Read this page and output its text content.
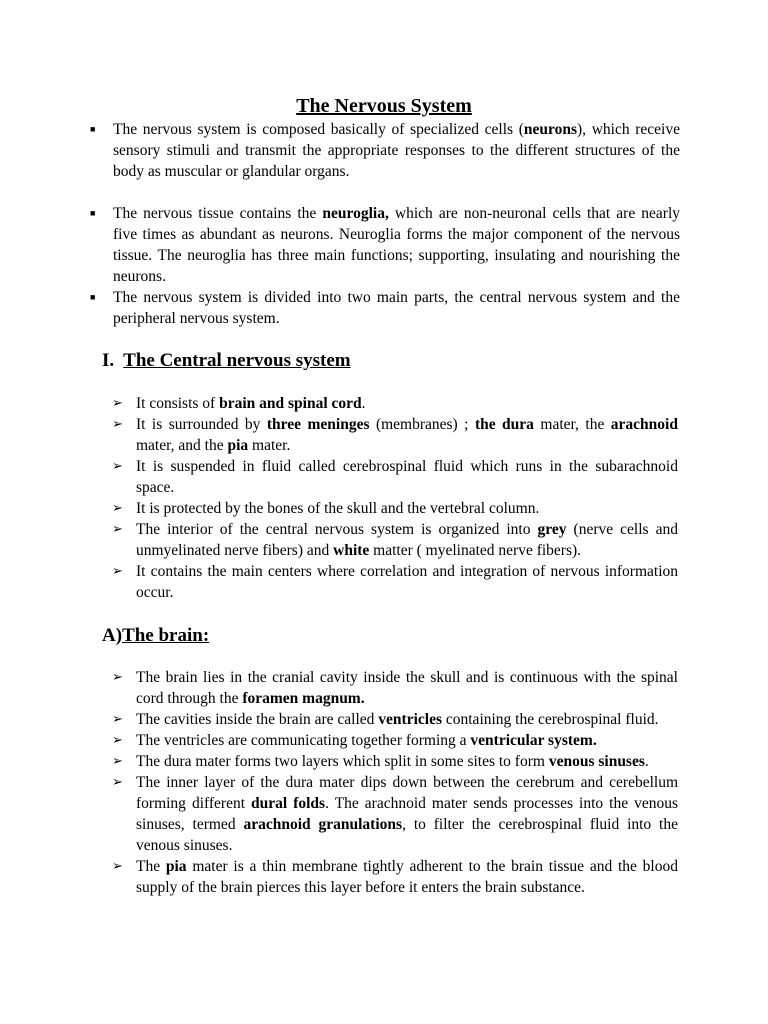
The Nervous System
■ The nervous system is composed basically of specialized cells (neurons), which receive sensory stimuli and transmit the appropriate responses to the different structures of the body as muscular or glandular organs.
■ The nervous tissue contains the neuroglia, which are non-neuronal cells that are nearly five times as abundant as neurons. Neuroglia forms the major component of the nervous tissue. The neuroglia has three main functions; supporting, insulating and nourishing the neurons.
■ The nervous system is divided into two main parts, the central nervous system and the peripheral nervous system.
I. The Central nervous system
➢ It consists of brain and spinal cord.
➢ It is surrounded by three meninges (membranes) ; the dura mater, the arachnoid mater, and the pia mater.
➢ It is suspended in fluid called cerebrospinal fluid which runs in the subarachnoid space.
➢ It is protected by the bones of the skull and the vertebral column.
➢ The interior of the central nervous system is organized into grey (nerve cells and unmyelinated nerve fibers) and white matter ( myelinated nerve fibers).
➢ It contains the main centers where correlation and integration of nervous information occur.
A)The brain:
➢ The brain lies in the cranial cavity inside the skull and is continuous with the spinal cord through the foramen magnum.
➢ The cavities inside the brain are called ventricles containing the cerebrospinal fluid.
➢ The ventricles are communicating together forming a ventricular system.
➢ The dura mater forms two layers which split in some sites to form venous sinuses.
➢ The inner layer of the dura mater dips down between the cerebrum and cerebellum forming different dural folds. The arachnoid mater sends processes into the venous sinuses, termed arachnoid granulations, to filter the cerebrospinal fluid into the venous sinuses.
➢ The pia mater is a thin membrane tightly adherent to the brain tissue and the blood supply of the brain pierces this layer before it enters the brain substance.
